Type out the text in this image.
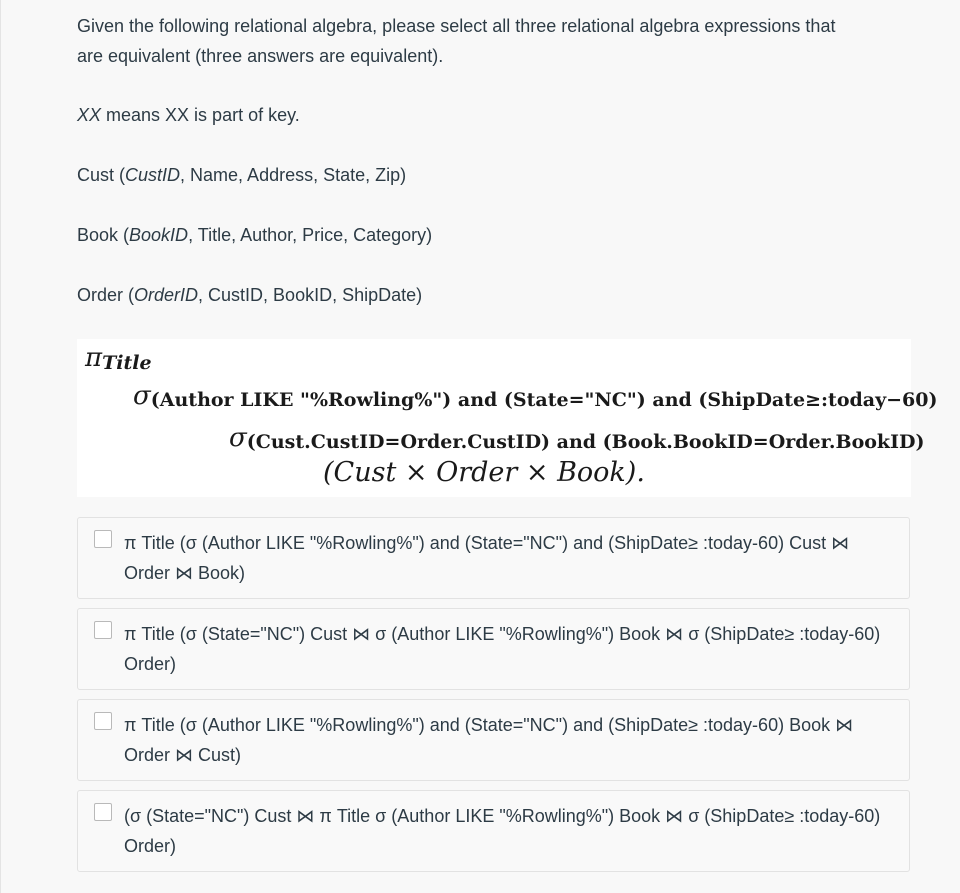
Given the following relational algebra, please select all three relational algebra expressions that
are equivalent (three answers are equivalent).

XX means XX is part of key.

Cust (CustID, Name, Address, State, Zip)

Book (BookID, Title, Author, Price, Category)

Order (OrderID, CustID, BookID, ShipDate)

πTitle
σ(Author LIKE "%Rowling%") and (State="NC") and (ShipDate≥:today−60)
σ(Cust.CustID=Order.CustID) and (Book.BookID=Order.BookID)
(Cust × Order × Book).

π Title (σ (Author LIKE "%Rowling%") and (State="NC") and (ShipDate≥ :today-60) Cust ⋈ Order ⋈ Book)

π Title (σ (State="NC") Cust ⋈ σ (Author LIKE "%Rowling%") Book ⋈ σ (ShipDate≥ :today-60) Order)

π Title (σ (Author LIKE "%Rowling%") and (State="NC") and (ShipDate≥ :today-60) Book ⋈ Order ⋈ Cust)

(σ (State="NC") Cust ⋈ π Title σ (Author LIKE "%Rowling%") Book ⋈ σ (ShipDate≥ :today-60) Order)
